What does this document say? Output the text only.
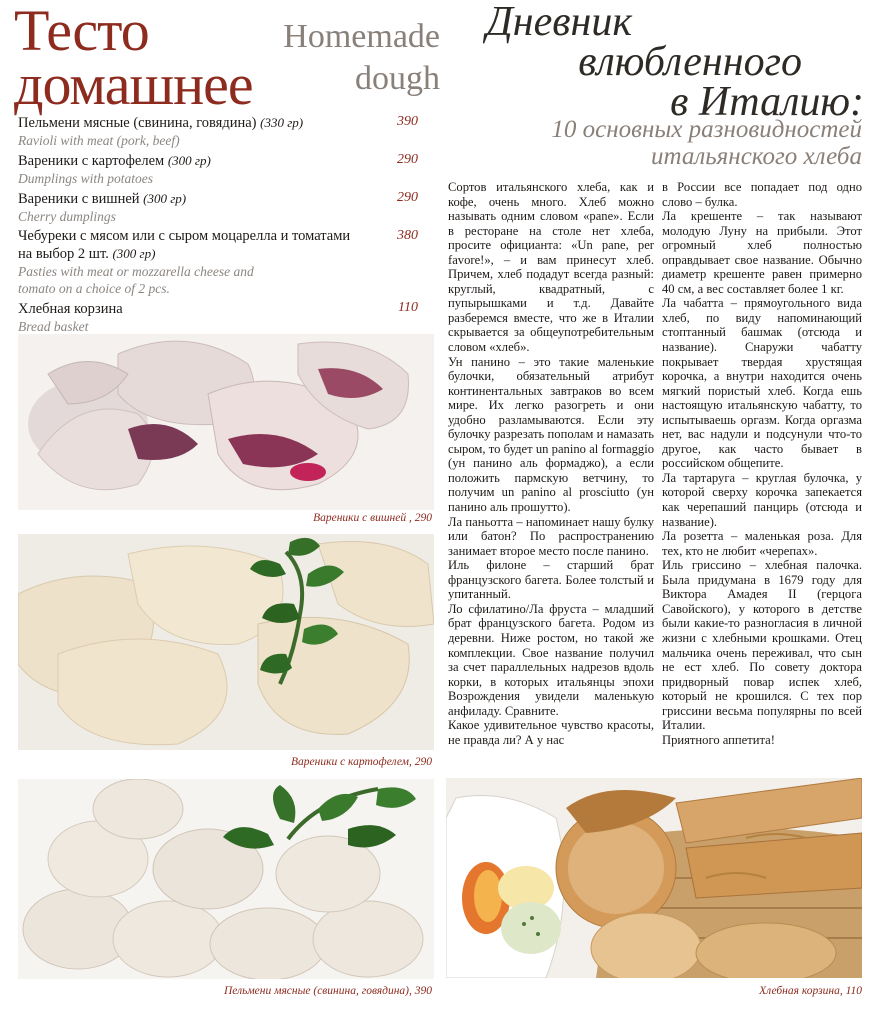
Тесто
домашнее
Homemade
dough
Пельмени мясные (свинина, говядина) (330 гр)
Ravioli with meat (pork, beef)
390
Вареники с картофелем (300 гр)
Dumplings with potatoes
290
Вареники с вишней (300 гр)
Cherry dumplings
290
Чебуреки с мясом или с сыром моцарелла и томатами на выбор 2 шт. (300 гр)
Pasties with meat or mozzarella cheese and tomato on a choice of 2 pcs.
380
Хлебная корзина
Bread basket
110
Вареники с вишней , 290
Вареники с картофелем, 290
Пельмени мясные (свинина, говядина), 390	Хлебная корзина, 110
Дневник
влюбленного
в Италию:
10 основных разновидностей
итальянского хлеба

Сортов итальянского хлеба, как и кофе, очень много. Хлеб можно называть одним словом «pane». Если в ресторане на столе нет хлеба, просите официанта: «Un pane, per favore!», – и вам принесут хлеб. Причем, хлеб подадут всегда разный: круглый, квадратный, с пупырышками и т.д. Давайте разберемся вместе, что же в Италии скрывается за общеупотребительным словом «хлеб».

Ун панино – это такие маленькие булочки, обязательный атрибут континентальных завтраков во всем мире. Их легко разогреть и они удобно разламываются. Если эту булочку разрезать пополам и намазать сыром, то будет un panino al formaggio (ун панино аль формаджо), а если положить пармскую ветчину, то получим un panino al prosciutto (ун панино аль прошутто).

Ла паньотта – напоминает нашу булку или батон? По распространению занимает второе место после панино.

Иль филоне – старший брат французского багета. Более толстый и упитанный.

Ло сфилатино/Ла фруста – младший брат французского багета. Родом из деревни. Ниже ростом, но такой же комплекции. Свое название получил за счет параллельных надрезов вдоль корки, в которых итальянцы эпохи Возрождения увидели маленькую анфиладу. Сравните.

Какое удивительное чувство красоты, не правда ли? А у нас

в России все попадает под одно слово – булка.

Ла крешенте – так называют молодую Луну на прибыли. Этот огромный хлеб полностью оправдывает свое название. Обычно диаметр крешенте равен примерно 40 см, а вес составляет более 1 кг.

Ла чабатта – прямоугольного вида хлеб, по виду напоминающий стоптанный башмак (отсюда и название). Снаружи чабатту покрывает твердая хрустящая корочка, а внутри находится очень мягкий пористый хлеб. Когда ешь настоящую итальянскую чабатту, то испытываешь оргазм. Когда оргазма нет, вас надули и подсунули что-то другое, как часто бывает в российском общепите.

Ла тартаруга – круглая булочка, у которой сверху корочка запекается как черепаший панцирь (отсюда и название).

Ла розетта – маленькая роза. Для тех, кто не любит «черепах».

Иль гриссино – хлебная палочка. Была придумана в 1679 году для Виктора Амадея II (герцога Савойского), у которого в детстве были какие-то разногласия в личной жизни с хлебными крошками. Отец мальчика очень переживал, что сын не ест хлеб. По совету доктора придворный повар испек хлеб, который не крошился. С тех пор гриссини весьма популярны по всей Италии.

Приятного аппетита!
